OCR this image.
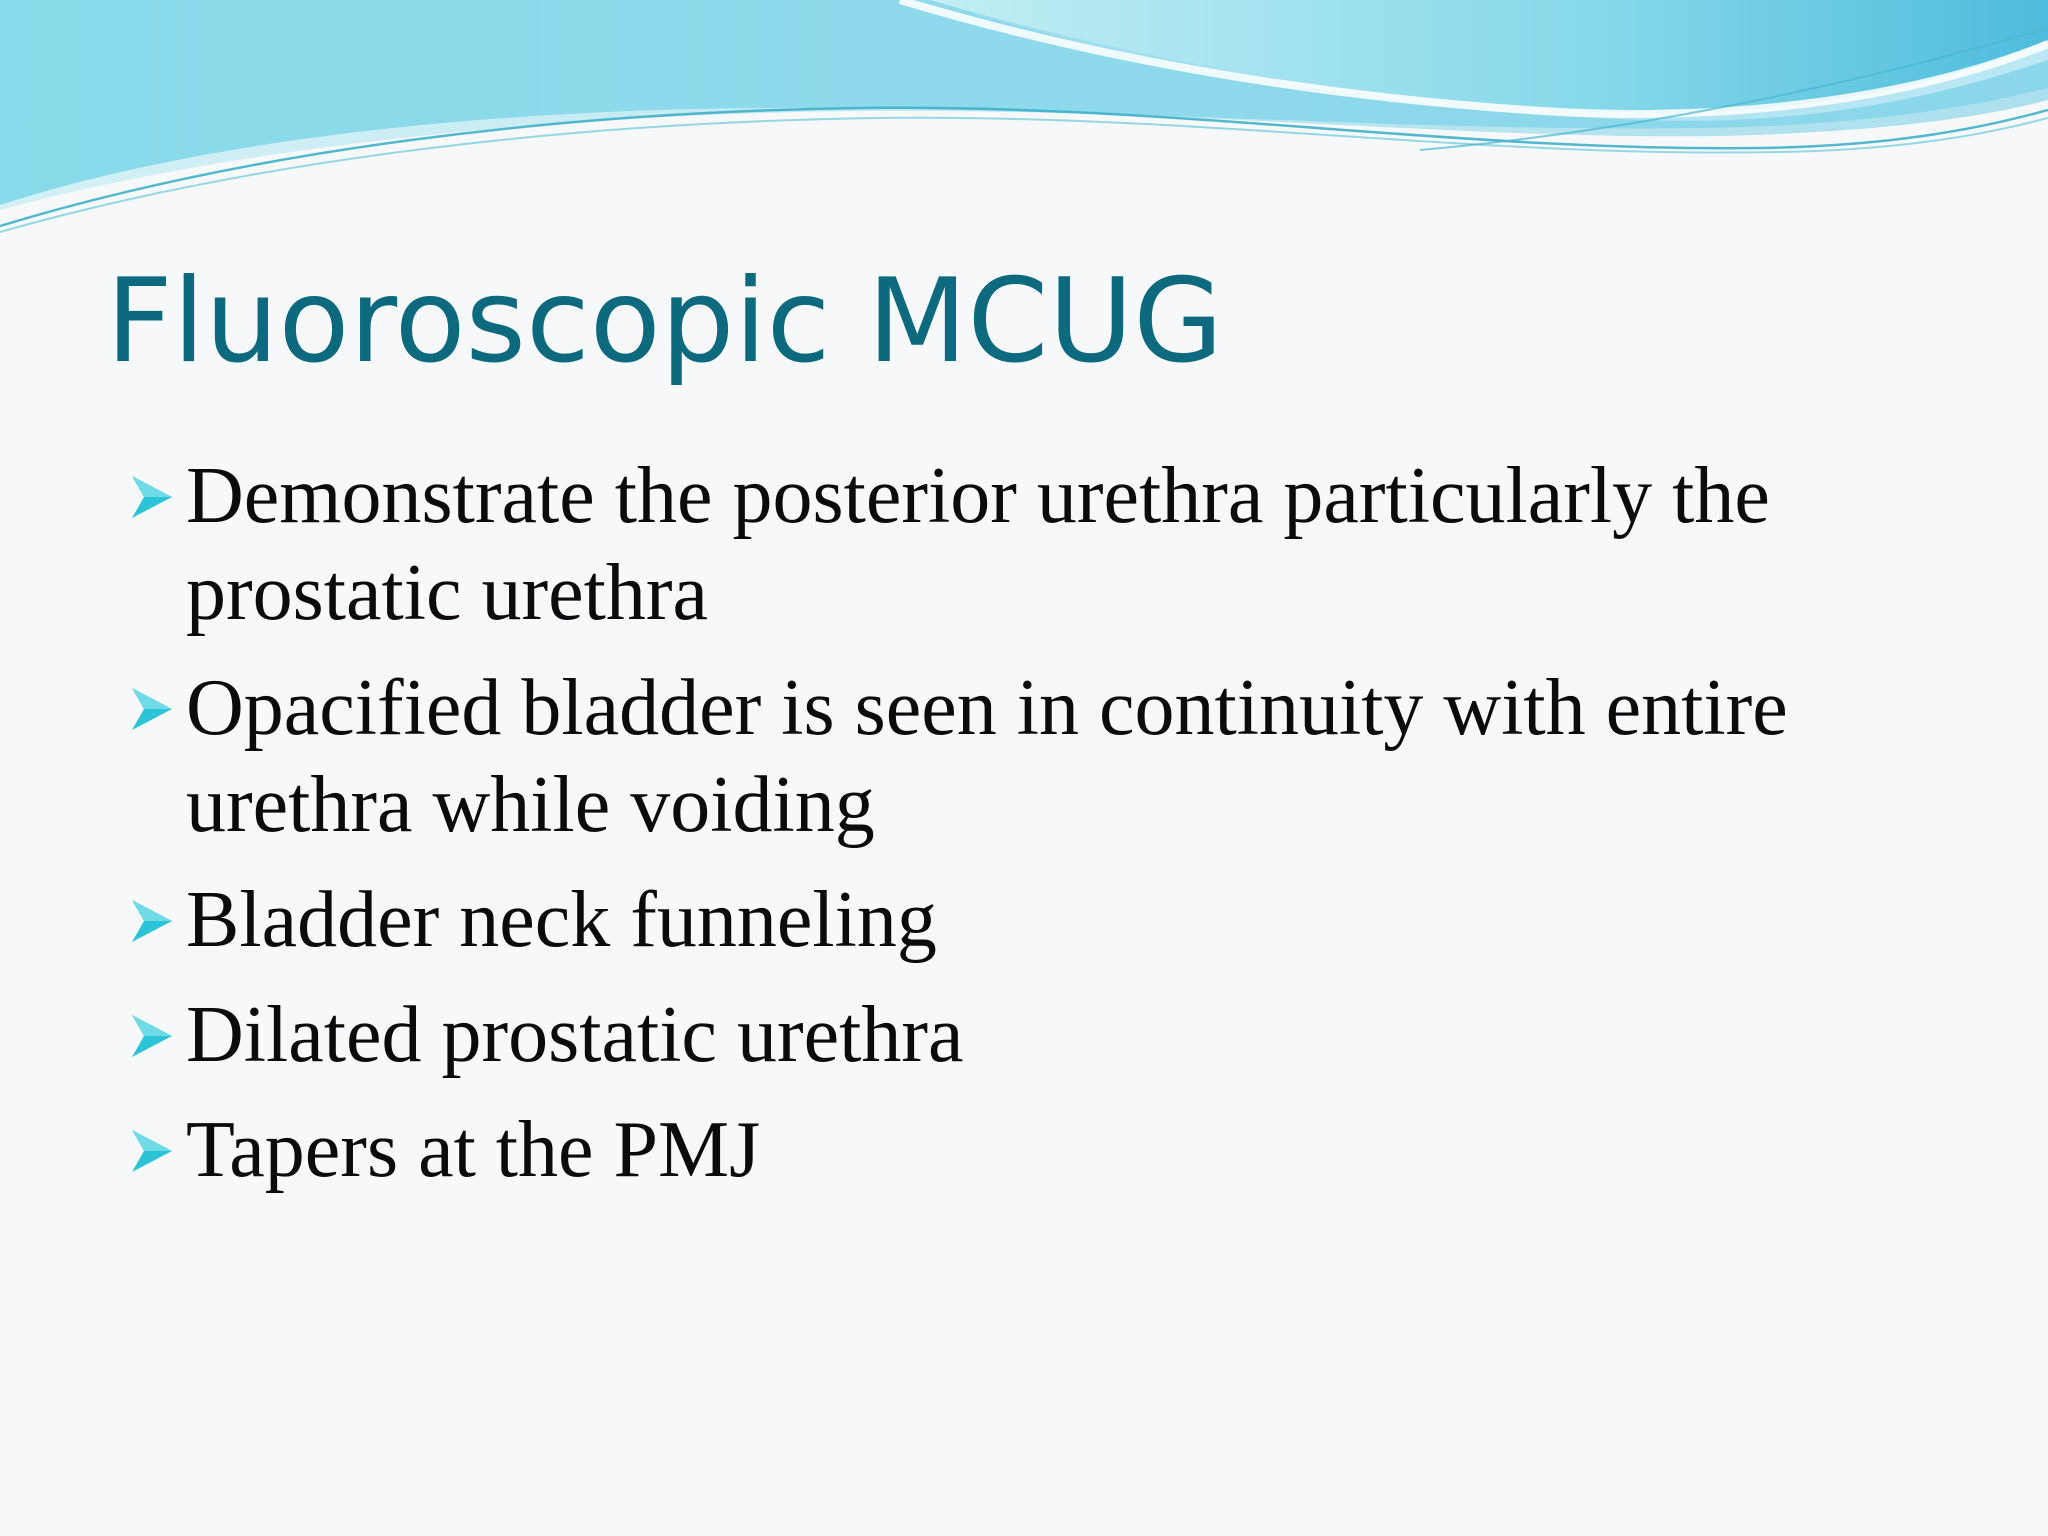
Fluoroscopic MCUG
Demonstrate the posterior urethra particularly the prostatic urethra
Opacified bladder is seen in continuity with entire urethra while voiding
Bladder neck funneling
Dilated prostatic urethra
Tapers at the PMJ
